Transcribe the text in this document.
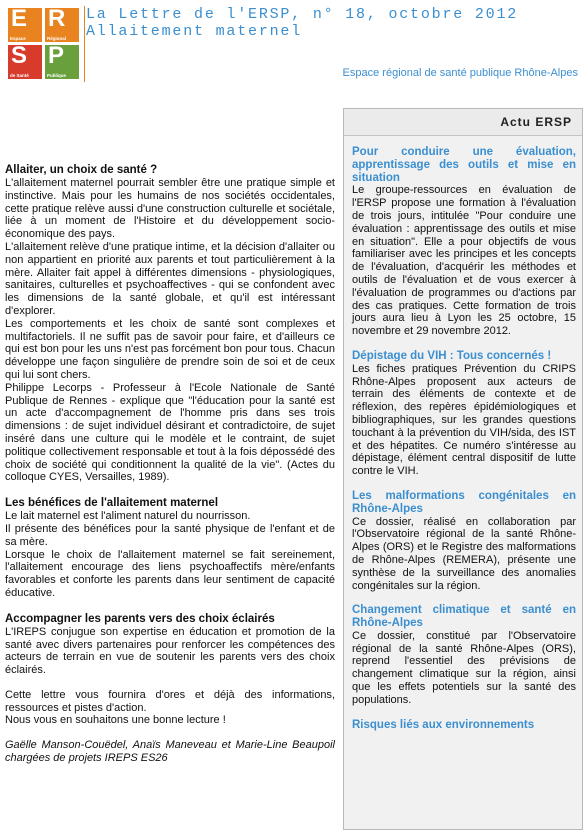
E
Espace
R
Régional
S
de Santé
P
Publique
La Lettre de l'ERSP, n° 18, octobre 2012
Allaitement maternel
Espace régional de santé publique Rhône-Alpes
Allaiter, un choix de santé ?

L'allaitement maternel pourrait sembler être une pratique simple et instinctive. Mais pour les humains de nos sociétés occidentales, cette pratique relève aussi d'une construction culturelle et sociétale, liée à un moment de l'Histoire et du développement socio-économique des pays.

L'allaitement relève d'une pratique intime, et la décision d'allaiter ou non appartient en priorité aux parents et tout particulièrement à la mère. Allaiter fait appel à différentes dimensions - physiologiques, sanitaires, culturelles et psychoaffectives - qui se confondent avec les dimensions de la santé globale, et qu'il est intéressant d'explorer.

Les comportements et les choix de santé sont complexes et multifactoriels. Il ne suffit pas de savoir pour faire, et d'ailleurs ce qui est bon pour les uns n'est pas forcément bon pour tous. Chacun développe une façon singulière de prendre soin de soi et de ceux qui lui sont chers.

Philippe Lecorps - Professeur à l'Ecole Nationale de Santé Publique de Rennes - explique que "l'éducation pour la santé est un acte d'accompagnement de l'homme pris dans ses trois dimensions : de sujet individuel désirant et contradictoire, de sujet inséré dans une culture qui le modèle et le contraint, de sujet politique collectivement responsable et tout à la fois dépossédé des choix de société qui conditionnent la qualité de la vie". (Actes du colloque CYES, Versailles, 1989).

Les bénéfices de l'allaitement maternel

Le lait maternel est l'aliment naturel du nourrisson.

Il présente des bénéfices pour la santé physique de l'enfant et de sa mère.

Lorsque le choix de l'allaitement maternel se fait sereinement, l'allaitement encourage des liens psychoaffectifs mère/enfants favorables et conforte les parents dans leur sentiment de capacité éducative.

Accompagner les parents vers des choix éclairés

L'IREPS conjugue son expertise en éducation et promotion de la santé avec divers partenaires pour renforcer les compétences des acteurs de terrain en vue de soutenir les parents vers des choix éclairés.

Cette lettre vous fournira d'ores et déjà des informations, ressources et pistes d'action.

Nous vous en souhaitons une bonne lecture !

Gaëlle Manson-Couëdel, Anaïs Maneveau et Marie-Line Beaupoil chargées de projets IREPS ES26

Actu ERSP
Pour conduire une évaluation, apprentissage des outils et mise en situation

Le groupe-ressources en évaluation de l'ERSP propose une formation à l'évaluation de trois jours, intitulée "Pour conduire une évaluation : apprentissage des outils et mise en situation". Elle a pour objectifs de vous familiariser avec les principes et les concepts de l'évaluation, d'acquérir les méthodes et outils de l'évaluation et de vous exercer à l'évaluation de programmes ou d'actions par des cas pratiques. Cette formation de trois jours aura lieu à Lyon les 25 octobre, 15 novembre et 29 novembre 2012.

Dépistage du VIH : Tous concernés !

Les fiches pratiques Prévention du CRIPS Rhône-Alpes proposent aux acteurs de terrain des éléments de contexte et de réflexion, des repères épidémiologiques et bibliographiques, sur les grandes questions touchant à la prévention du VIH/sida, des IST et des hépatites. Ce numéro s'intéresse au dépistage, élément central dispositif de lutte contre le VIH.

Les malformations congénitales en Rhône-Alpes

Ce dossier, réalisé en collaboration par l'Observatoire régional de la santé Rhône-Alpes (ORS) et le Registre des malformations de Rhône-Alpes (REMERA), présente une synthèse de la surveillance des anomalies congénitales sur la région.

Changement climatique et santé en Rhône-Alpes

Ce dossier, constitué par l'Observatoire régional de la santé Rhône-Alpes (ORS), reprend l'essentiel des prévisions de changement climatique sur la région, ainsi que les effets potentiels sur la santé des populations.

Risques liés aux environnements
